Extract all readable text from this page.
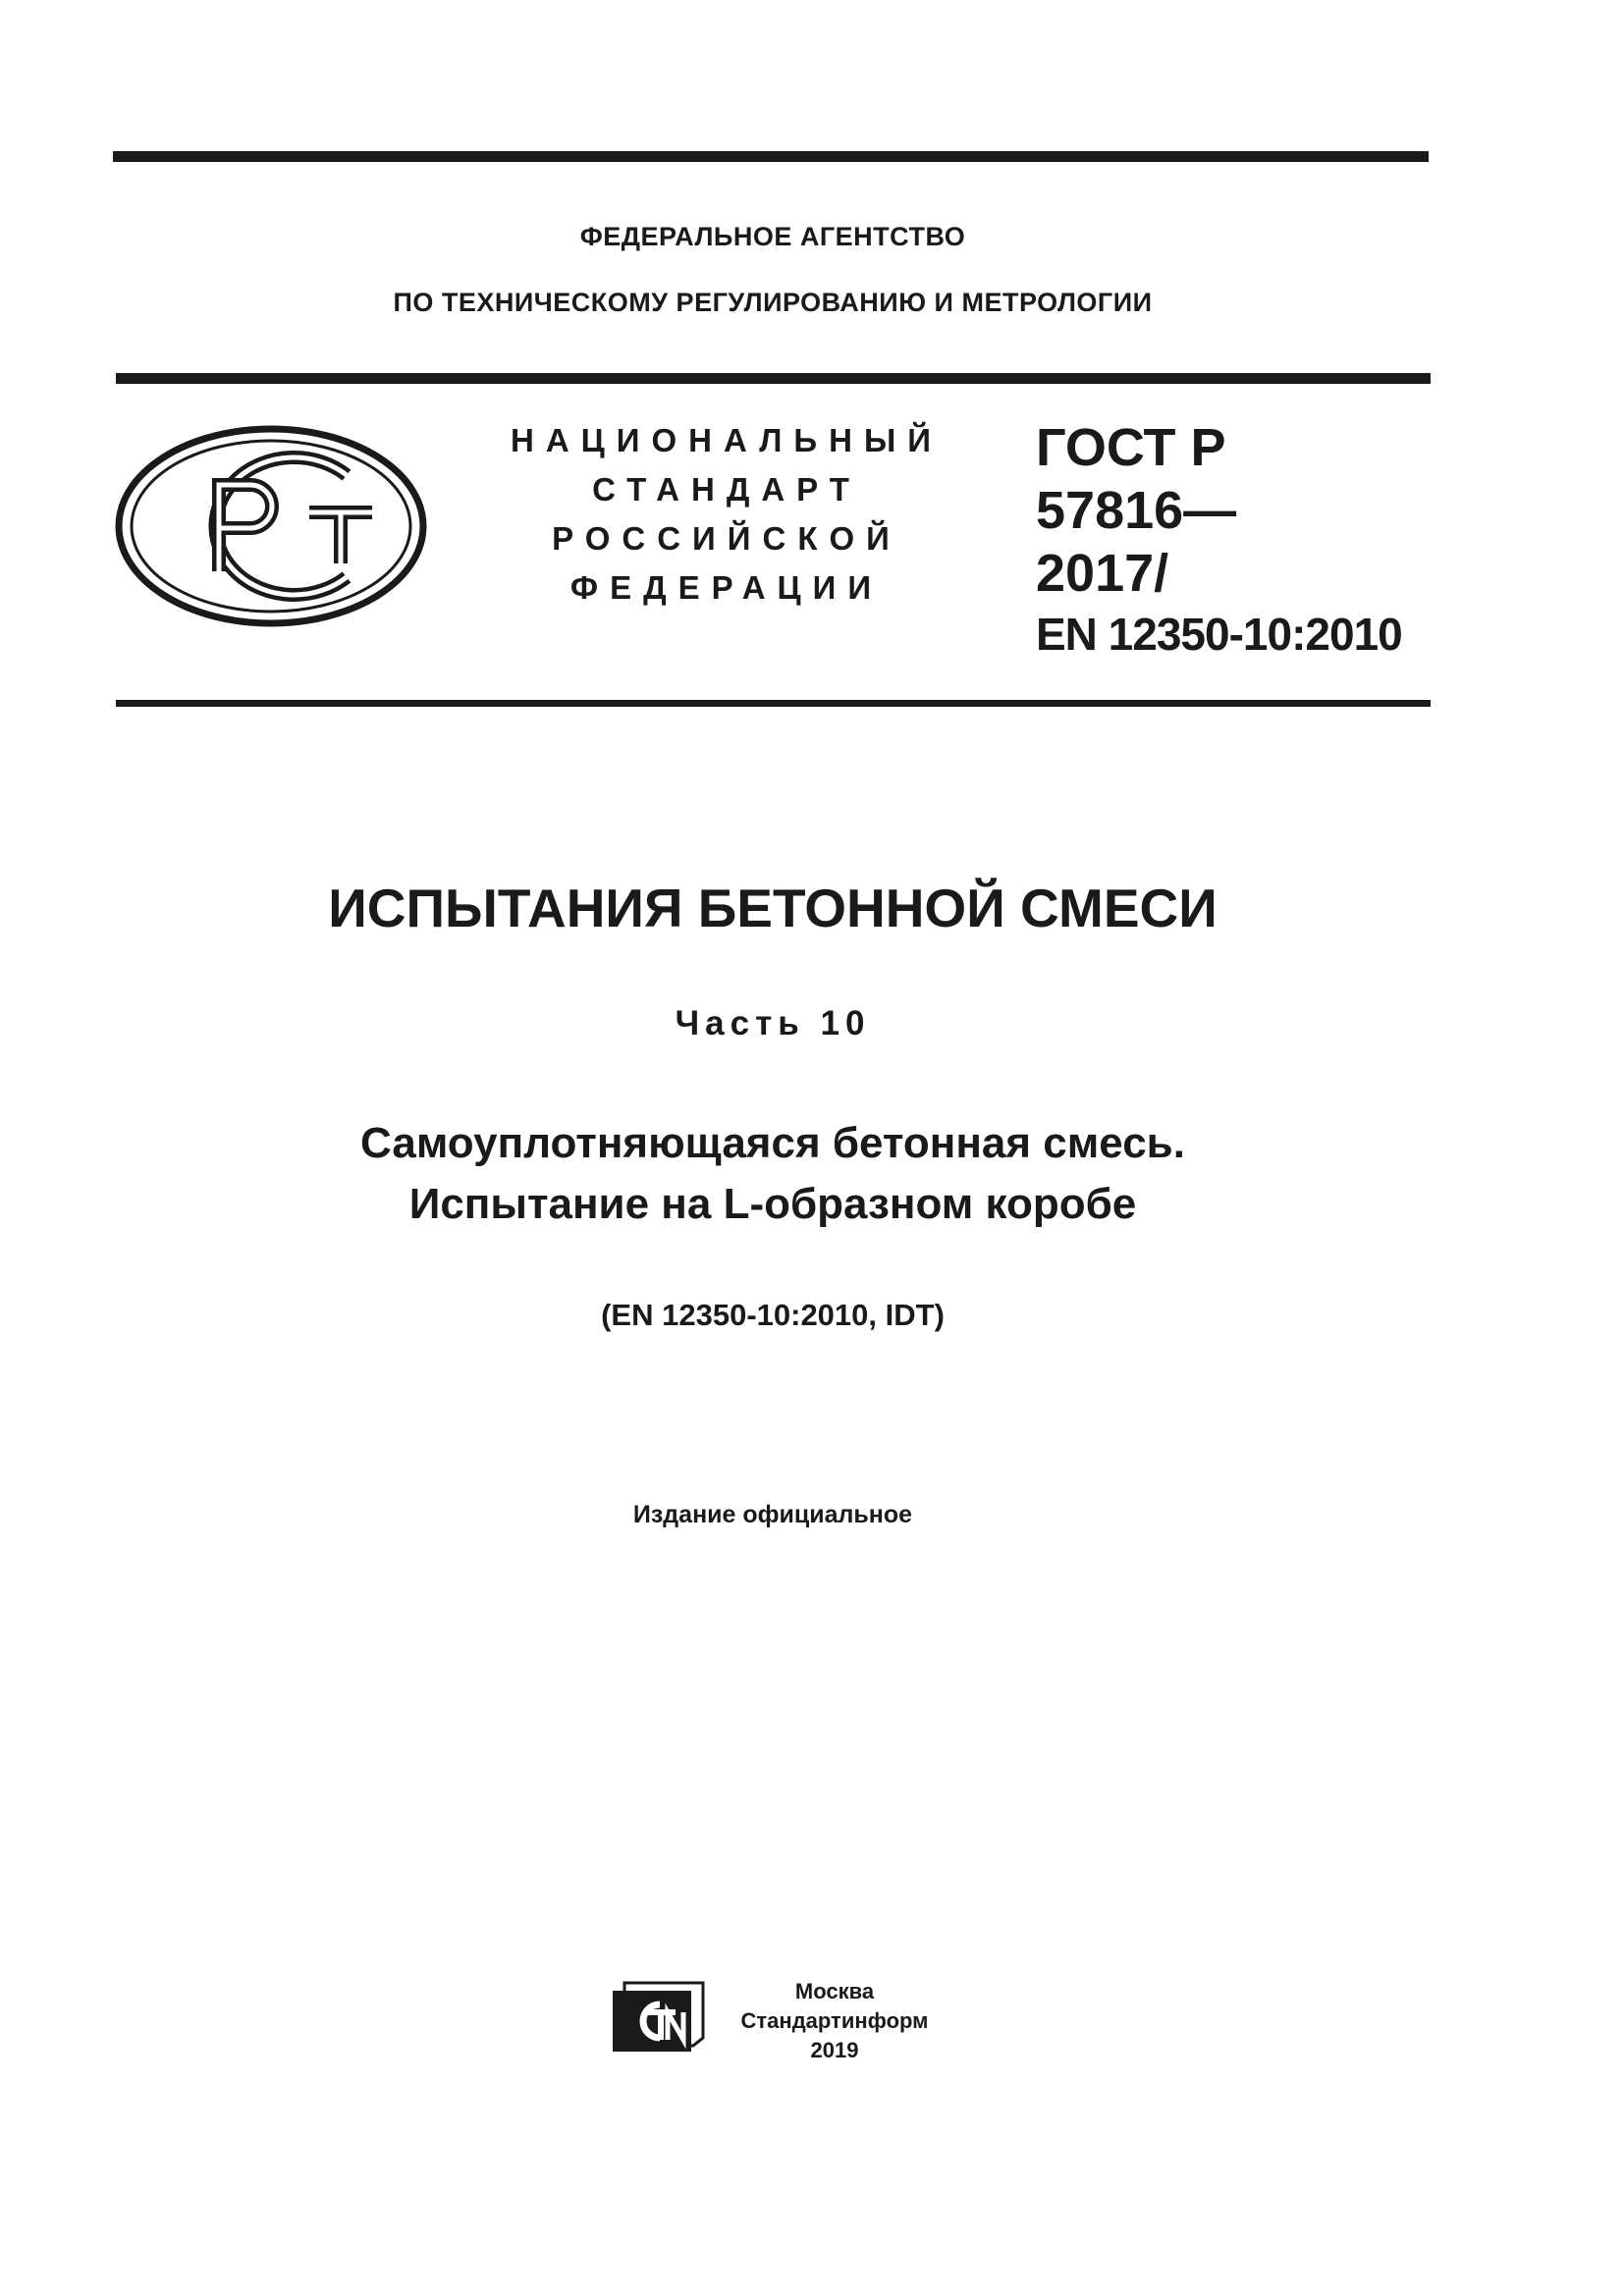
ФЕДЕРАЛЬНОЕ АГЕНТСТВО
ПО ТЕХНИЧЕСКОМУ РЕГУЛИРОВАНИЮ И МЕТРОЛОГИИ
НАЦИОНАЛЬНЫЙ
СТАНДАРТ
РОССИЙСКОЙ
ФЕДЕРАЦИИ
ГОСТ Р
57816—
2017/
EN 12350-10:2010
ИСПЫТАНИЯ БЕТОННОЙ СМЕСИ
Часть 10
Самоуплотняющаяся бетонная смесь.
Испытание на L-образном коробе
(EN 12350-10:2010, IDT)
Издание официальное
Москва
Стандартинформ
2019
